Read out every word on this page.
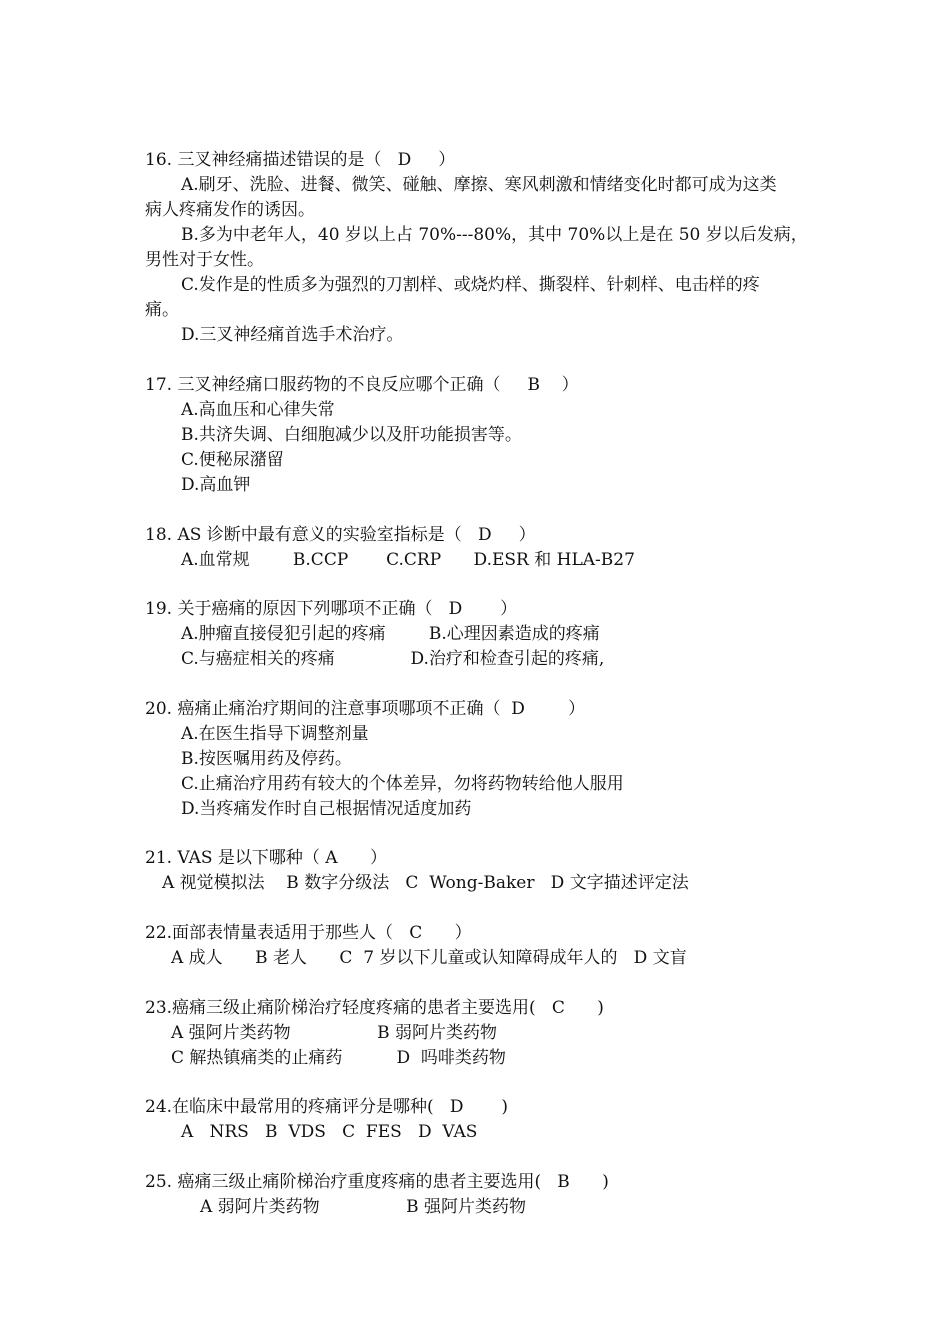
16. 三叉神经痛描述错误的是（   D     ）
A.刷牙、洗脸、进餐、微笑、碰触、摩擦、寒风刺激和情绪变化时都可成为这类
病人疼痛发作的诱因。
B.多为中老年人，40 岁以上占 70%---80%，其中 70%以上是在 50 岁以后发病，
男性对于女性。
C.发作是的性质多为强烈的刀割样、或烧灼样、撕裂样、针刺样、电击样的疼
痛。
D.三叉神经痛首选手术治疗。
17. 三叉神经痛口服药物的不良反应哪个正确（     B    ）
A.高血压和心律失常
B.共济失调、白细胞减少以及肝功能损害等。
C.便秘尿潴留
D.高血钾
18. AS 诊断中最有意义的实验室指标是（   D     ）
A.血常规        B.CCP       C.CRP      D.ESR 和 HLA-B27
19. 关于癌痛的原因下列哪项不正确（   D       ）
A.肿瘤直接侵犯引起的疼痛        B.心理因素造成的疼痛
C.与癌症相关的疼痛              D.治疗和检查引起的疼痛,
20. 癌痛止痛治疗期间的注意事项哪项不正确（  D        ）
A.在医生指导下调整剂量
B.按医嘱用药及停药。
C.止痛治疗用药有较大的个体差异，勿将药物转给他人服用
D.当疼痛发作时自己根据情况适度加药
21. VAS 是以下哪种（ A      ）
A 视觉模拟法    B 数字分级法   C  Wong-Baker   D 文字描述评定法
22.面部表情量表适用于那些人（   C      ）
A 成人      B 老人      C  7 岁以下儿童或认知障碍成年人的   D 文盲
23.癌痛三级止痛阶梯治疗轻度疼痛的患者主要选用(   C      )
A 强阿片类药物                B 弱阿片类药物
C 解热镇痛类的止痛药          D  吗啡类药物
24.在临床中最常用的疼痛评分是哪种(   D       )
A   NRS   B  VDS   C  FES   D  VAS
25. 癌痛三级止痛阶梯治疗重度疼痛的患者主要选用(   B      )
A 弱阿片类药物                B 强阿片类药物
